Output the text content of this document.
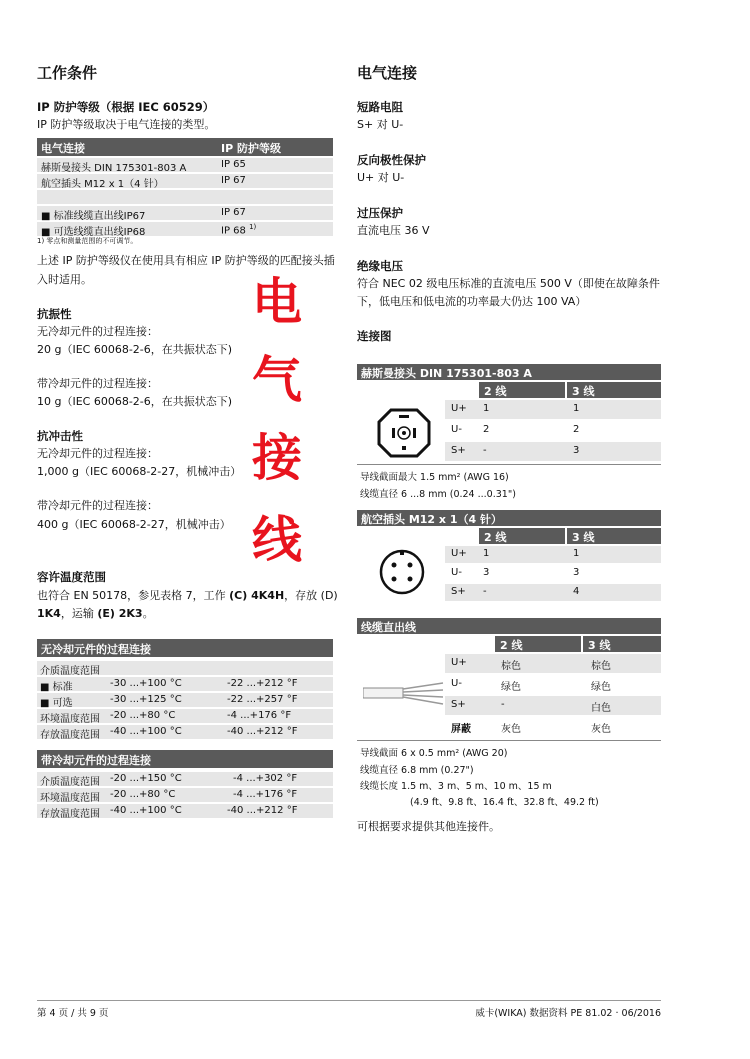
工作条件
IP 防护等级（根据 IEC 60529）
IP 防护等级取决于电气连接的类型。
电气连接	IP 防护等级
赫斯曼接头 DIN 175301-803 A	IP 65
航空插头 M12 x 1（4 针）	IP 67
■ 标准线缆直出线IP67	IP 67
■ 可选线缆直出线IP68	IP 68 $^{1)}$
1) 零点和测量范围的不可调节。
上述 IP 防护等级仪在使用具有相应 IP 防护等级的匹配接头插
入时适用。
抗振性
无冷却元件的过程连接：
20 g（IEC 60068-2-6，在共振状态下)
带冷却元件的过程连接：
10 g（IEC 60068-2-6，在共振状态下)
抗冲击性
无冷却元件的过程连接：
1,000 g（IEC 60068-2-27，机械冲击）
带冷却元件的过程连接：
400 g（IEC 60068-2-27，机械冲击）
容许温度范围
也符合 EN 50178，参见表格 7，工作 (C) 4K4H，存放 (D)
1K4，运输 (E) 2K3。
无冷却元件的过程连接
介质温度范围
■ 标准	-30 ...+100 °C	-22 ...+212 °F
■ 可选	-30 ...+125 °C	-22 ...+257 °F
环境温度范围 -20 ...+80 °C	-4 ...+176 °F
存放温度范围 -40 ...+100 °C	-40 ...+212 °F
带冷却元件的过程连接
介质温度范围 -20 ...+150 °C	-4 ...+302 °F
环境温度范围 -20 ...+80 °C	-4 ...+176 °F
存放温度范围 -40 ...+100 °C	-40 ...+212 °F
电
气
接
线
电气连接
短路电阻
S+ 对 U-
反向极性保护
U+ 对 U-
过压保护
直流电压 36 V
绝缘电压
符合 NEC 02 级电压标准的直流电压 500 V（即使在故障条件
下，低电压和低电流的功率最大仍达 100 VA）
连接图
赫斯曼接头 DIN 175301-803 A
2 线	3 线
U+ 1	1
U- 2	2
S+ -	3
导线截面最大 1.5 mm² (AWG 16)
线缆直径 6 ...8 mm (0.24 ...0.31")
航空插头 M12 x 1（4 针）
2 线	3 线
U+ 1	1
U- 3	3
S+ -	4
线缆直出线
2 线	3 线
U+	棕色	棕色
U-	绿色	绿色
S+	-	白色
屏蔽	灰色	灰色
导线截面 6 x 0.5 mm² (AWG 20)
线缆直径 6.8 mm (0.27")
线缆长度 1.5 m、3 m、5 m、10 m、15 m
(4.9 ft、9.8 ft、16.4 ft、32.8 ft、49.2 ft)
可根据要求提供其他连接件。
第 4 页 / 共 9 页	威卡(WIKA) 数据资料 PE 81.02 · 06/2016
